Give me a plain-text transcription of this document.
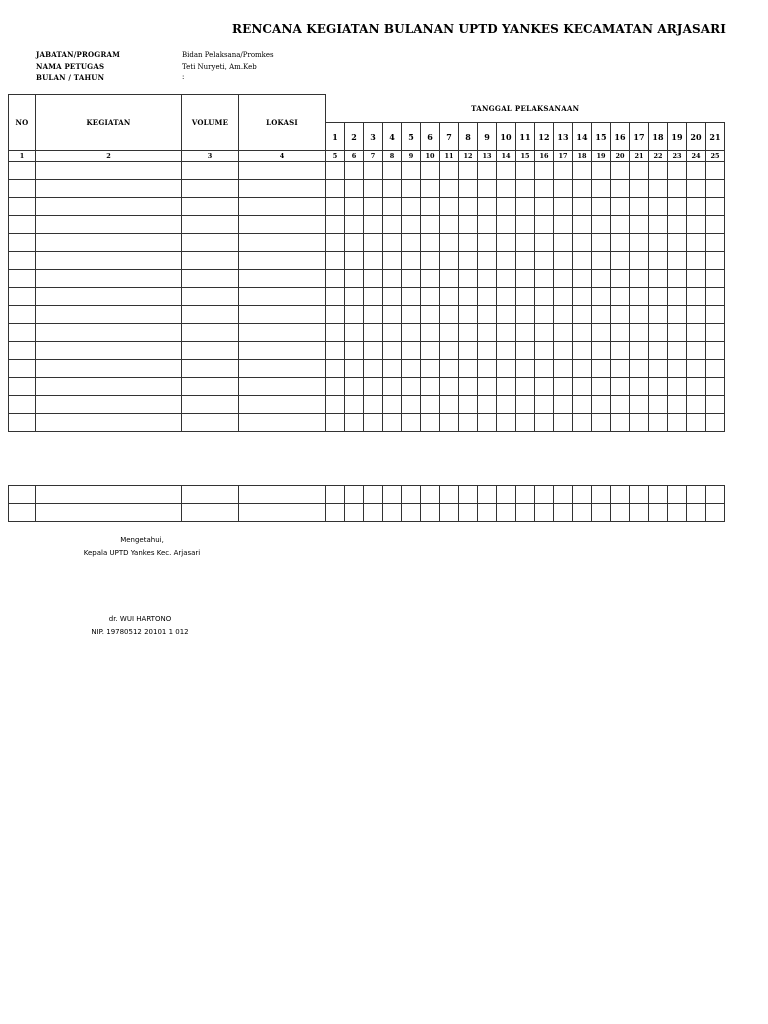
RENCANA KEGIATAN BULANAN UPTD YANKES KECAMATAN ARJASARI
JABATAN/PROGRAM	Bidan Pelaksana/Promkes
NAMA PETUGAS	Teti Nuryeti, Am.Keb
BULAN / TAHUN	:
NO	KEGIATAN	VOLUME	LOKASI	TANGGAL PELAKSANAAN																				
				1	2	3	4	5	6	7	8	9	10	11	12	13	14	15	16	17	18	19	20	21
1	2	3	4	5	6	7	8	9	10	11	12	13	14	15	16	17	18	19	20	21	22	23	24	25

Mengetahui,
Kepala UPTD Yankes Kec. Arjasari
dr. WUI HARTONO
NIP. 19780512 20101 1 012
